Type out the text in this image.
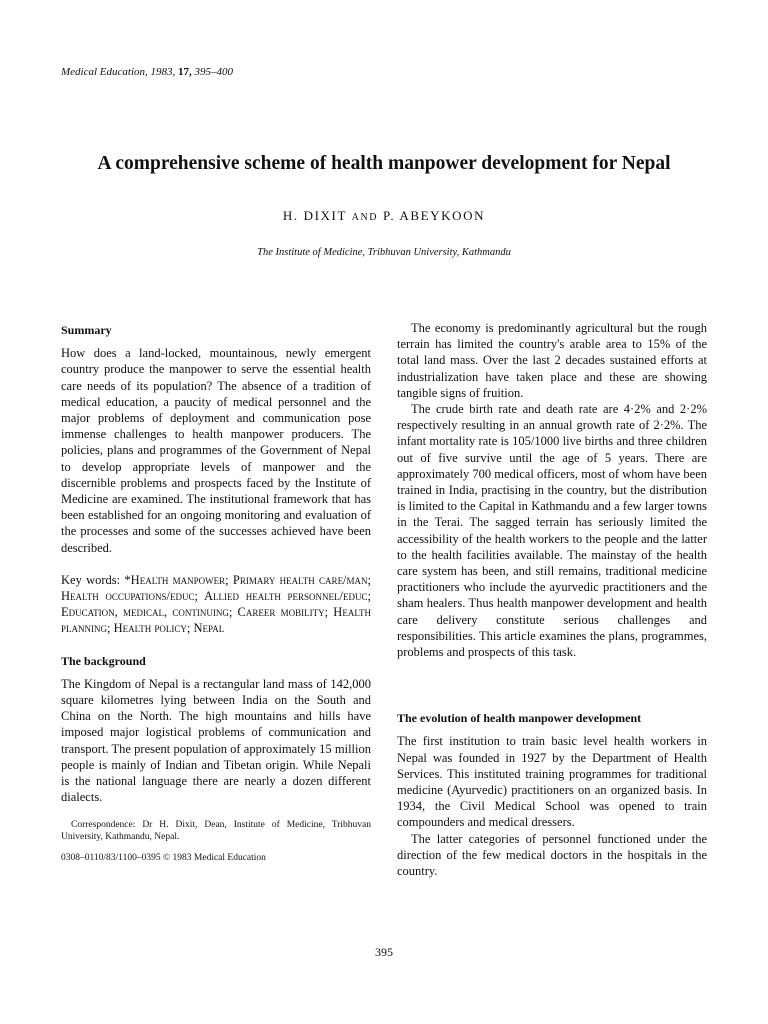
Medical Education, 1983, 17, 395–400
A comprehensive scheme of health manpower development for Nepal
H. DIXIT AND P. ABEYKOON
The Institute of Medicine, Tribhuvan University, Kathmandu
Summary

How does a land-locked, mountainous, newly emergent country produce the manpower to serve the essential health care needs of its population? The absence of a tradition of medical education, a paucity of medical personnel and the major problems of deployment and communication pose immense challenges to health manpower producers. The policies, plans and programmes of the Government of Nepal to develop appropriate levels of manpower and the discernible problems and prospects faced by the Institute of Medicine are examined. The institutional framework that has been established for an ongoing monitoring and evaluation of the processes and some of the successes achieved have been described.

Key words: *Health manpower; Primary health care/man; Health occupations/educ; Allied health personnel/educ; Education, medical, continuing; Career mobility; Health planning; Health policy; Nepal

The background

The Kingdom of Nepal is a rectangular land mass of 142,000 square kilometres lying between India on the South and China on the North. The high mountains and hills have imposed major logistical problems of communication and transport. The present population of approximately 15 million people is mainly of Indian and Tibetan origin. While Nepali is the national language there are nearly a dozen different dialects.

Correspondence: Dr H. Dixit, Dean, Institute of Medicine, Tribhuvan University, Kathmandu, Nepal.

0308–0110/83/1100–0395 © 1983 Medical Education

The economy is predominantly agricultural but the rough terrain has limited the country's arable area to 15% of the total land mass. Over the last 2 decades sustained efforts at industrialization have taken place and these are showing tangible signs of fruition.

The crude birth rate and death rate are 4·2% and 2·2% respectively resulting in an annual growth rate of 2·2%. The infant mortality rate is 105/1000 live births and three children out of five survive until the age of 5 years. There are approximately 700 medical officers, most of whom have been trained in India, practising in the country, but the distribution is limited to the Capital in Kathmandu and a few larger towns in the Terai. The sagged terrain has seriously limited the accessibility of the health workers to the people and the latter to the health facilities available. The mainstay of the health care system has been, and still remains, traditional medicine practitioners who include the ayurvedic practitioners and the sham healers. Thus health manpower development and health care delivery constitute serious challenges and responsibilities. This article examines the plans, programmes, problems and prospects of this task.

The evolution of health manpower development

The first institution to train basic level health workers in Nepal was founded in 1927 by the Department of Health Services. This instituted training programmes for traditional medicine (Ayurvedic) practitioners on an organized basis. In 1934, the Civil Medical School was opened to train compounders and medical dressers.

The latter categories of personnel functioned under the direction of the few medical doctors in the hospitals in the country.

395
